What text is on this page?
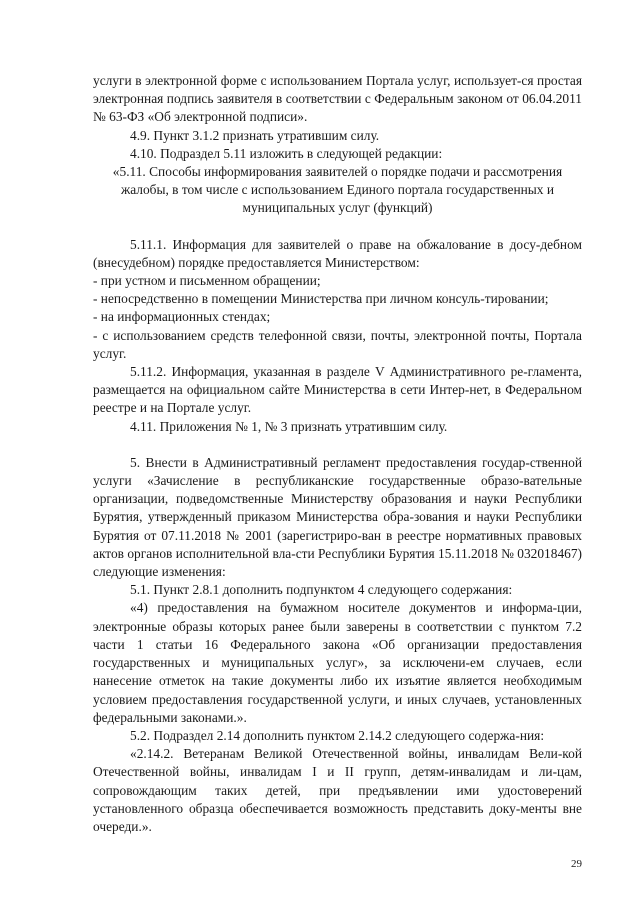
услуги в электронной форме с использованием Портала услуг, использует-ся простая электронная подпись заявителя в соответствии с Федеральным законом от 06.04.2011 № 63-ФЗ «Об электронной подписи».

4.9. Пункт 3.1.2 признать утратившим силу.

4.10. Подраздел 5.11 изложить в следующей редакции:

«5.11. Способы информирования заявителей о порядке подачи и рассмотрения жалобы, в том числе с использованием Единого портала государственных и муниципальных услуг (функций)

5.11.1. Информация для заявителей о праве на обжалование в досу-дебном (внесудебном) порядке предоставляется Министерством:

- при устном и письменном обращении;

- непосредственно в помещении Министерства при личном консуль-тировании;

- на информационных стендах;

- с использованием средств телефонной связи, почты, электронной почты, Портала услуг.

5.11.2. Информация, указанная в разделе V Административного ре-гламента, размещается на официальном сайте Министерства в сети Интер-нет, в Федеральном реестре и на Портале услуг.

4.11. Приложения № 1, № 3 признать утратившим силу.

5. Внести в Административный регламент предоставления государ-ственной услуги «Зачисление в республиканские государственные образо-вательные организации, подведомственные Министерству образования и науки Республики Бурятия, утвержденный приказом Министерства обра-зования и науки Республики Бурятия от 07.11.2018 № 2001 (зарегистриро-ван в реестре нормативных правовых актов органов исполнительной вла-сти Республики Бурятия 15.11.2018 № 032018467) следующие изменения:

5.1. Пункт 2.8.1 дополнить подпунктом 4 следующего содержания:

«4) предоставления на бумажном носителе документов и информа-ции, электронные образы которых ранее были заверены в соответствии с пунктом 7.2 части 1 статьи 16 Федерального закона «Об организации предоставления государственных и муниципальных услуг», за исключени-ем случаев, если нанесение отметок на такие документы либо их изъятие является необходимым условием предоставления государственной услуги, и иных случаев, установленных федеральными законами.».

5.2. Подраздел 2.14 дополнить пунктом 2.14.2 следующего содержа-ния:

«2.14.2. Ветеранам Великой Отечественной войны, инвалидам Вели-кой Отечественной войны, инвалидам I и II групп, детям-инвалидам и ли-цам, сопровождающим таких детей, при предъявлении ими удостоверений установленного образца обеспечивается возможность представить доку-менты вне очереди.».

29
